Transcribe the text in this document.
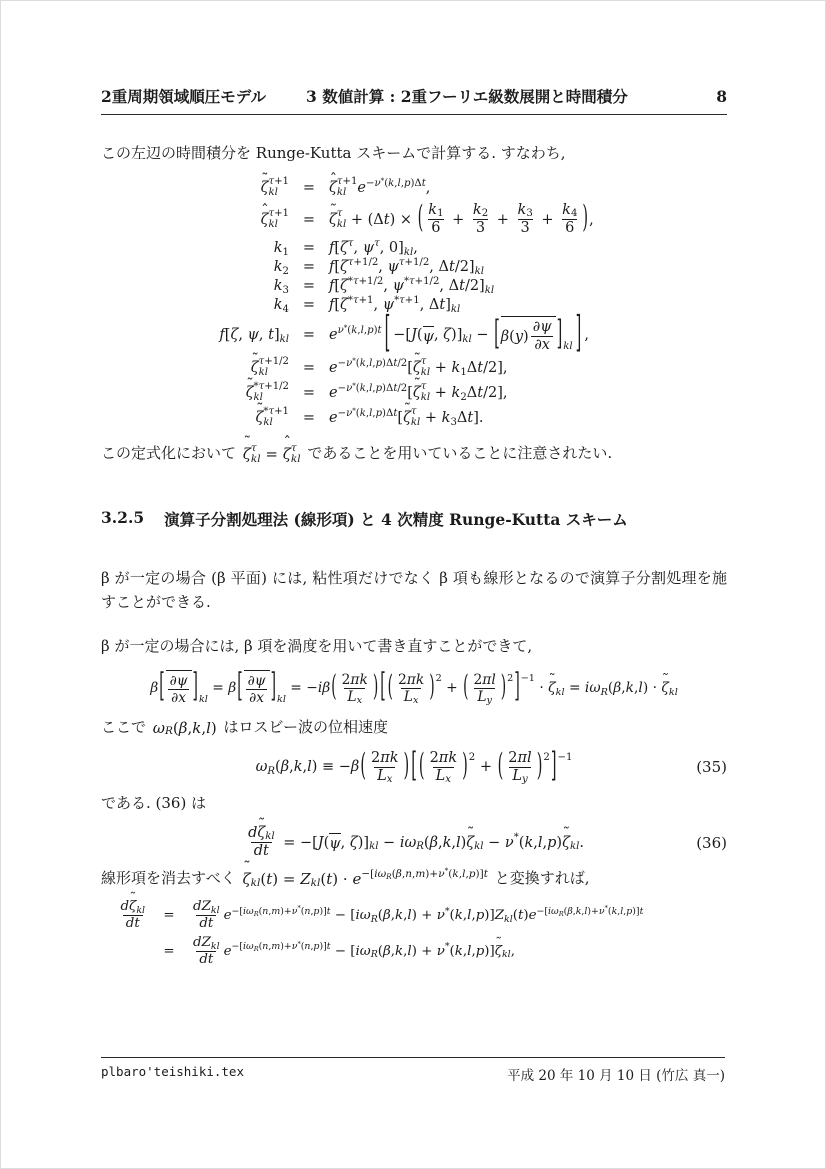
2重周期領域順圧モデル	3 数値計算 : 2重フーリエ級数展開と時間積分	8

この左辺の時間積分を Runge-Kutta スキームで計算する. すなわち,

ζ
˜ τ +1
kl = ζ
ˆ τ +1
kl e − ν * ( k , l , p )Δ t ,
ζ
ˆ τ +1
kl = ζ
˜ τ
kl + (Δ t ) × ( k 1
6
+
k 2
3
+
k 3
3
+
k 4
6 ) ,
k 1 = f [ ζ τ , ψ τ , 0] kl ,
k 2 = f [ ζ τ +1/2 , ψ τ +1/2 , Δ t /2] kl
k 3 = f [ ζ * τ +1/2 , ψ * τ +1/2 , Δ t /2] kl
k 4 = f [ ζ * τ +1 , ψ * τ +1 , Δ t ] kl
f [ ζ , ψ , t ] kl = e ν * ( k , l , p ) t [ −[ J ( ψ , ζ )] kl − [ β ( y )
∂ψ
∂x ] kl ] ,
ζ
˜ τ +1/2
kl = e − ν * ( k , l , p )Δ t /2 [ ζ
˜ τ
kl + k 1 Δ t /2],
ζ
˜ * τ +1/2
kl	= e − ν * ( k , l , p )Δ t /2 [ ζ
˜ τ
kl + k 2 Δ t /2],
ζ
˜ * τ +1
kl = e − ν * ( k , l , p )Δ t [ ζ
˜ τ
kl + k 3 Δ t ].

この定式化において ζ
˜ τ
kl = ζ
ˆ τ
kl であることを用いていることに注意されたい.

3.2.5 演算子分割処理法 (線形項) と 4 次精度 Runge-Kutta スキーム

β が一定の場合 (β 平面) には, 粘性項だけでなく β 項も線形となるので演算子分割処理を施すことができる.

β が一定の場合には, β 項を渦度を用いて書き直すことができて,

β [ ∂ψ
∂x ] kl
= β [ ∂ψ
∂x ] kl
= − iβ ( 2 πk
L x ) [ ( 2 πk
L x ) 2
+ ( 2 πl
L y ) 2 ] −1
· ζ
˜ kl = iω R ( β , k , l ) · ζ
˜ kl

ここで ω R ( β , k , l ) はロスビー波の位相速度

ω R ( β , k , l ) ≡ − β ( 2 πk
L x ) [ ( 2 πk
L x ) 2
+ ( 2 πl
L y ) 2 ] −1
(35)

である. (36) は

d ζ
˜ kl
dt
= −[ J ( ψ , ζ )] kl − iω R ( β , k , l ) ζ
˜ kl − ν * ( k , l , p ) ζ
˜ kl .	(36)

線形項を消去すべく ζ
˜ kl ( t ) = Z kl ( t ) · e −[ iω R ( β , n , m )+ ν * ( k , l , p )] t と変換すれば,

d ζ
˜ kl
dt
=
dZ kl
dt
e −[ iω R ( n , m )+ ν * ( n , p )] t − [ iω R ( β , k , l ) + ν * ( k , l , p )] Z kl ( t ) e −[ iω R ( β , k , l )+ ν * ( k , l , p )] t
=
dZ kl
dt
e −[ iω R ( n , m )+ ν * ( n , p )] t − [ iω R ( β , k , l ) + ν * ( k , l , p )] ζ
˜ kl ,
plbaro'teishiki.tex	平成 20 年 10 月 10 日 (竹広 真一)
